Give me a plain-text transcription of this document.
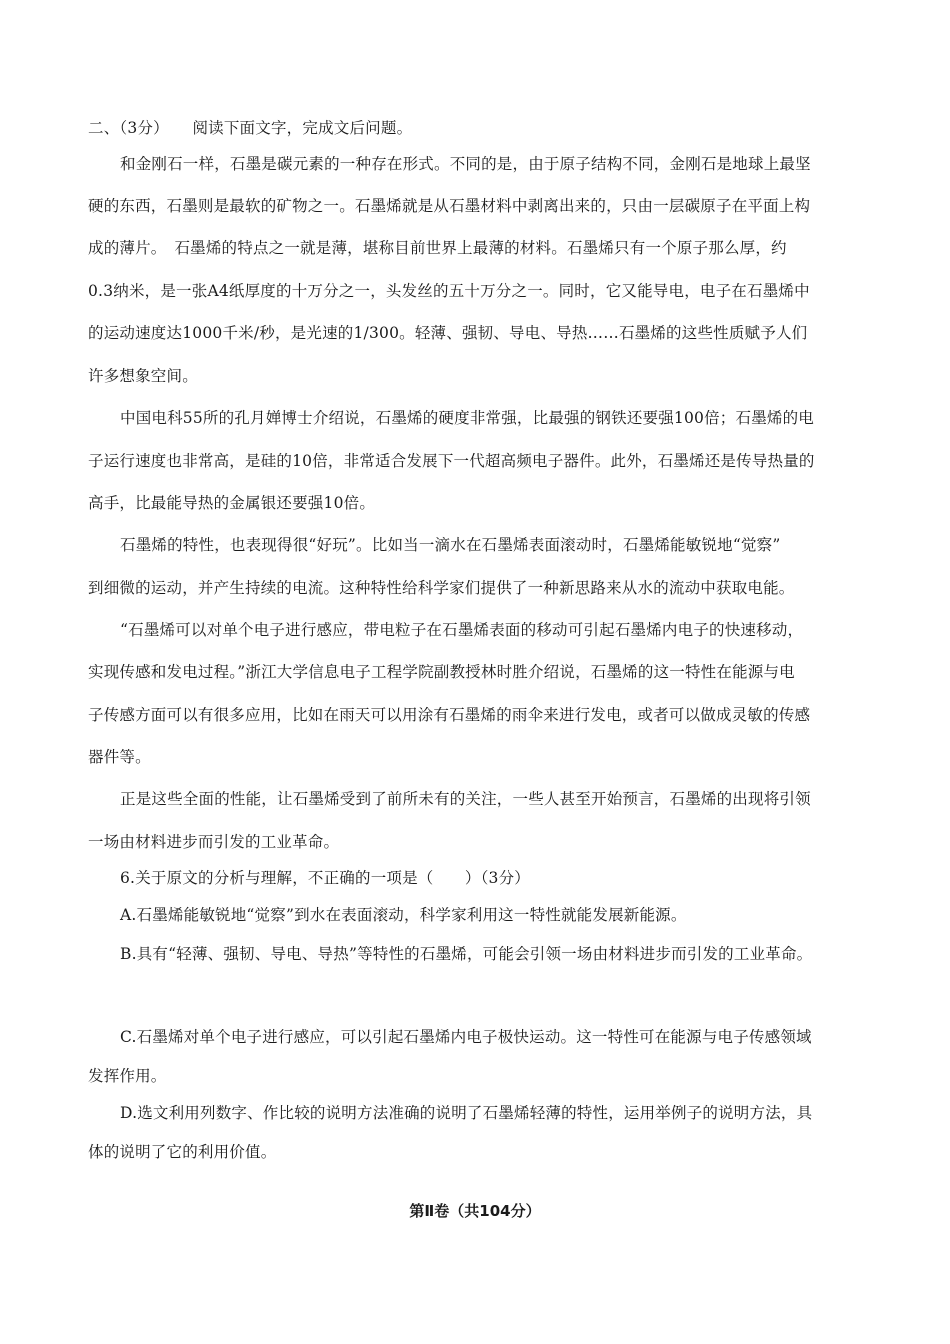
二、（3分）　　阅读下面文字，完成文后问题。
和金刚石一样，石墨是碳元素的一种存在形式。不同的是，由于原子结构不同，金刚石是地球上最坚
硬的东西，石墨则是最软的矿物之一。石墨烯就是从石墨材料中剥离出来的，只由一层碳原子在平面上构
成的薄片。　石墨烯的特点之一就是薄，堪称目前世界上最薄的材料。石墨烯只有一个原子那么厚，约
0.3纳米，是一张A4纸厚度的十万分之一，头发丝的五十万分之一。同时，它又能导电，电子在石墨烯中
的运动速度达1000千米/秒，是光速的1/300。轻薄、强韧、导电、导热……石墨烯的这些性质赋予人们
许多想象空间。
中国电科55所的孔月婵博士介绍说，石墨烯的硬度非常强，比最强的钢铁还要强100倍；石墨烯的电
子运行速度也非常高，是硅的10倍，非常适合发展下一代超高频电子器件。此外，石墨烯还是传导热量的
高手，比最能导热的金属银还要强10倍。
石墨烯的特性，也表现得很“好玩”。比如当一滴水在石墨烯表面滚动时，石墨烯能敏锐地“觉察”
到细微的运动，并产生持续的电流。这种特性给科学家们提供了一种新思路来从水的流动中获取电能。
“石墨烯可以对单个电子进行感应，带电粒子在石墨烯表面的移动可引起石墨烯内电子的快速移动，
实现传感和发电过程。”浙江大学信息电子工程学院副教授林时胜介绍说，石墨烯的这一特性在能源与电
子传感方面可以有很多应用，比如在雨天可以用涂有石墨烯的雨伞来进行发电，或者可以做成灵敏的传感
器件等。
正是这些全面的性能，让石墨烯受到了前所未有的关注，一些人甚至开始预言，石墨烯的出现将引领
一场由材料进步而引发的工业革命。
6.关于原文的分析与理解，不正确的一项是（　　）（3分）
A.石墨烯能敏锐地“觉察”到水在表面滚动，科学家利用这一特性就能发展新能源。
B.具有“轻薄、强韧、导电、导热”等特性的石墨烯，可能会引领一场由材料进步而引发的工业革命。
C.石墨烯对单个电子进行感应，可以引起石墨烯内电子极快运动。这一特性可在能源与电子传感领域
发挥作用。
D.选文利用列数字、作比较的说明方法准确的说明了石墨烯轻薄的特性，运用举例子的说明方法，具
体的说明了它的利用价值。
第Ⅱ卷（共104分）
